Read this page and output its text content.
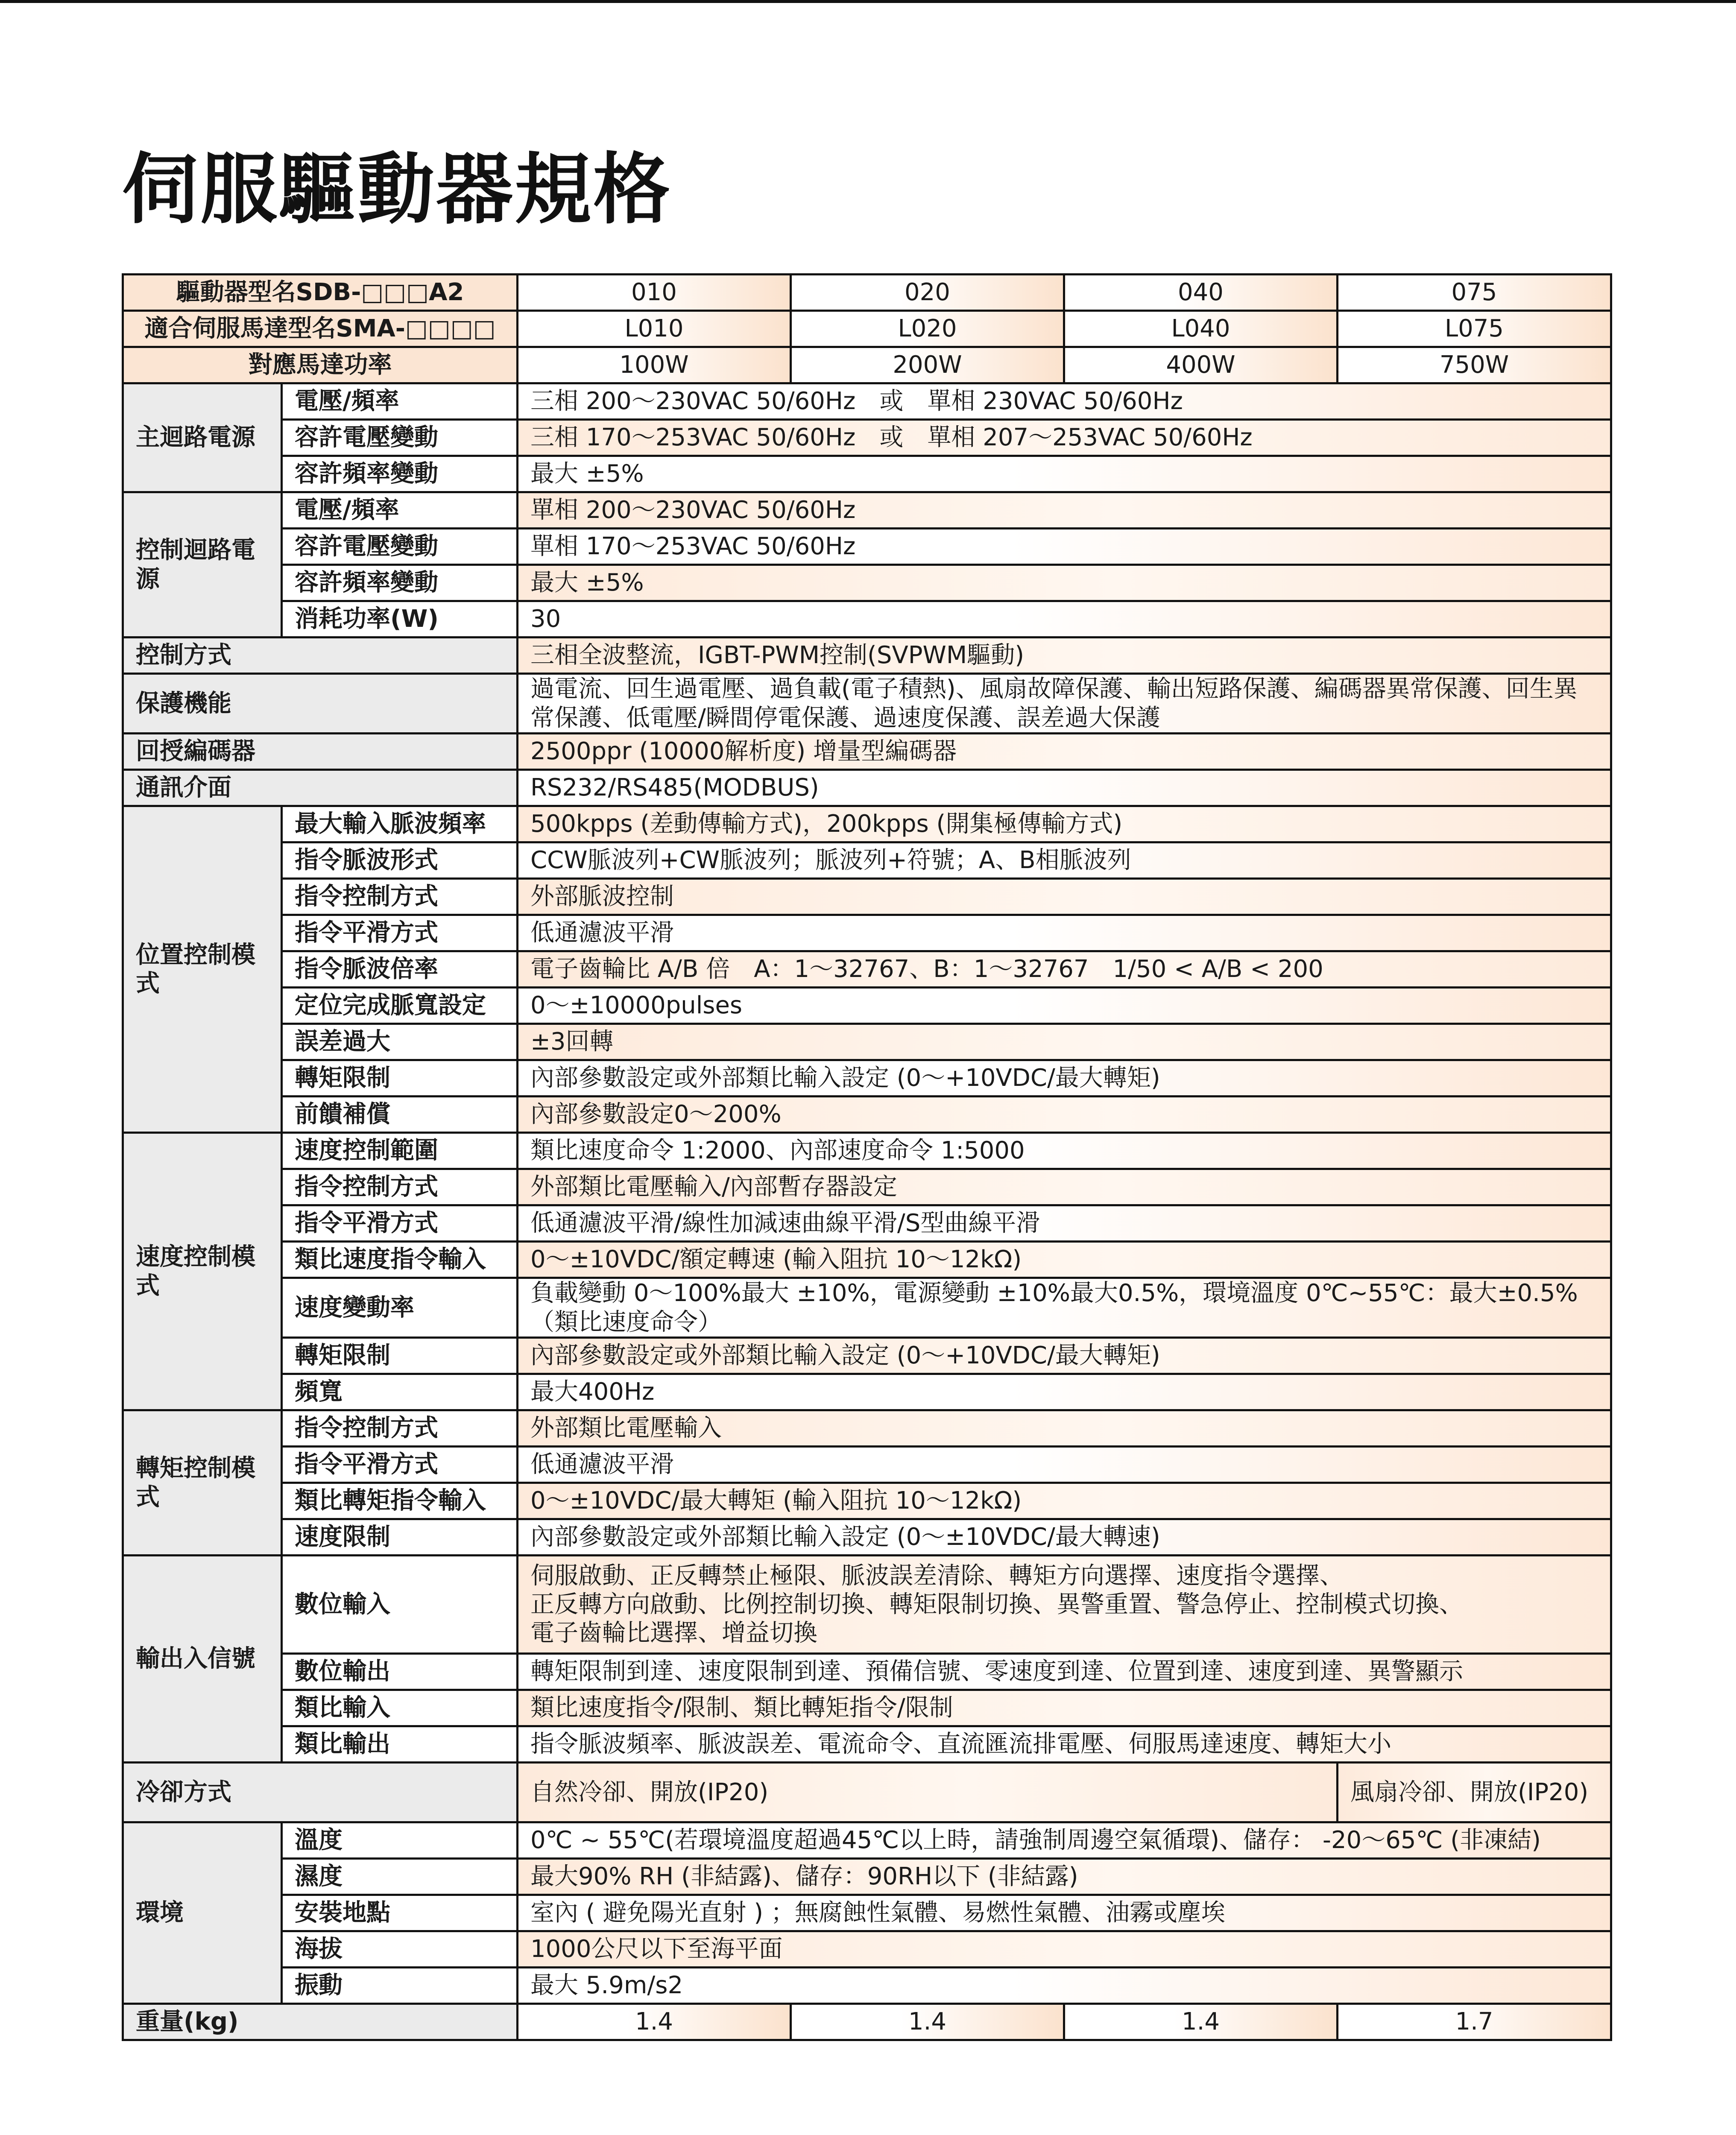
伺服驅動器規格
驅動器型名SDB-□□□A2		010	020	040	075
適合伺服馬達型名SMA-□□□□		L010	L020	L040	L075
對應馬達功率		100W	200W	400W	750W
主迴路電源	電壓/頻率	三相 200～230VAC 50/60Hz　或　單相 230VAC 50/60Hz			
	容許電壓變動	三相 170～253VAC 50/60Hz　或　單相 207～253VAC 50/60Hz			
	容許頻率變動	最大 ±5%			
控制迴路電源	電壓/頻率	單相 200～230VAC 50/60Hz			
	容許電壓變動	單相 170～253VAC 50/60Hz			
	容許頻率變動	最大 ±5%			
	消耗功率(W)	30			
控制方式		三相全波整流，IGBT-PWM控制(SVPWM驅動)			
保護機能		過電流、回生過電壓、過負載(電子積熱)、風扇故障保護、輸出短路保護、編碼器異常保護、回生異常保護、低電壓/瞬間停電保護、過速度保護、誤差過大保護			
回授編碼器		2500ppr (10000解析度) 增量型編碼器			
通訊介面		RS232/RS485(MODBUS)			
位置控制模式	最大輸入脈波頻率	500kpps (差動傳輸方式)，200kpps (開集極傳輸方式)			
	指令脈波形式	CCW脈波列+CW脈波列；脈波列+符號；A、B相脈波列			
	指令控制方式	外部脈波控制			
	指令平滑方式	低通濾波平滑			
	指令脈波倍率	電子齒輪比 A/B 倍　A：1～32767、B：1～32767　1/50 < A/B < 200			
	定位完成脈寬設定	0～±10000pulses			
	誤差過大	±3回轉			
	轉矩限制	內部參數設定或外部類比輸入設定 (0～+10VDC/最大轉矩)			
	前饋補償	內部參數設定0～200%			
速度控制模式	速度控制範圍	類比速度命令 1:2000、內部速度命令 1:5000			
	指令控制方式	外部類比電壓輸入/內部暫存器設定			
	指令平滑方式	低通濾波平滑/線性加減速曲線平滑/S型曲線平滑			
	類比速度指令輸入	0～±10VDC/額定轉速 (輸入阻抗 10～12kΩ)			
	速度變動率	負載變動 0～100%最大 ±10%，電源變動 ±10%最大0.5%，環境溫度 0℃~55℃：最大±0.5% （類比速度命令）			
	轉矩限制	內部參數設定或外部類比輸入設定 (0～+10VDC/最大轉矩)			
	頻寬	最大400Hz			
轉矩控制模式	指令控制方式	外部類比電壓輸入			
	指令平滑方式	低通濾波平滑			
	類比轉矩指令輸入	0～±10VDC/最大轉矩 (輸入阻抗 10～12kΩ)			
	速度限制	內部參數設定或外部類比輸入設定 (0～±10VDC/最大轉速)			
輸出入信號	數位輸入	伺服啟動、正反轉禁止極限、脈波誤差清除、轉矩方向選擇、速度指令選擇、
正反轉方向啟動、比例控制切換、轉矩限制切換、異警重置、警急停止、控制模式切換、
電子齒輪比選擇、增益切換			

	數位輸出	轉矩限制到達、速度限制到達、預備信號、零速度到達、位置到達、速度到達、異警顯示			
	類比輸入	類比速度指令/限制、類比轉矩指令/限制			
	類比輸出	指令脈波頻率、脈波誤差、電流命令、直流匯流排電壓、伺服馬達速度、轉矩大小			
冷卻方式		自然冷卻、開放(IP20)			風扇冷卻、開放(IP20)
環境	溫度	0℃ ~ 55℃(若環境溫度超過45℃以上時，請強制周邊空氣循環)、儲存： -20～65℃ (非凍結)			
	濕度	最大90% RH (非結露)、儲存：90RH以下 (非結露)			
	安裝地點	室內 ( 避免陽光直射 ) ；無腐蝕性氣體、易燃性氣體、油霧或塵埃			
	海拔	1000公尺以下至海平面			
	振動	最大 5.9m/s2			
重量(kg)		1.4	1.4	1.4	1.7
